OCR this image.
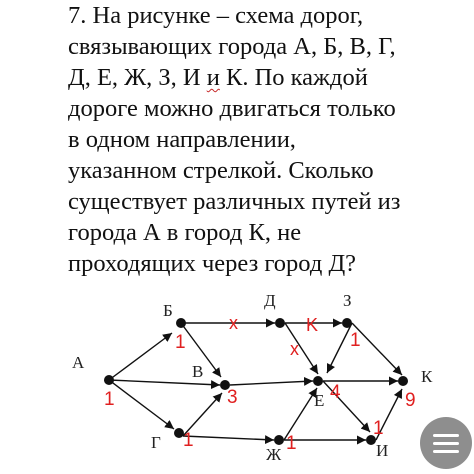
7. На рисунке – схема дорог,
связывающих города А, Б, В, Г,
Д, Е, Ж, З, И и К. По каждой
дороге можно двигаться только
в одном направлении,
указанном стрелкой. Сколько
существует различных путей из
города А в город К, не
проходящих через город Д?
А
Б
В
Г
Д	З
Е
Ж	И
К
1
1
3
1
1
4
1
1
9
x	K
x
